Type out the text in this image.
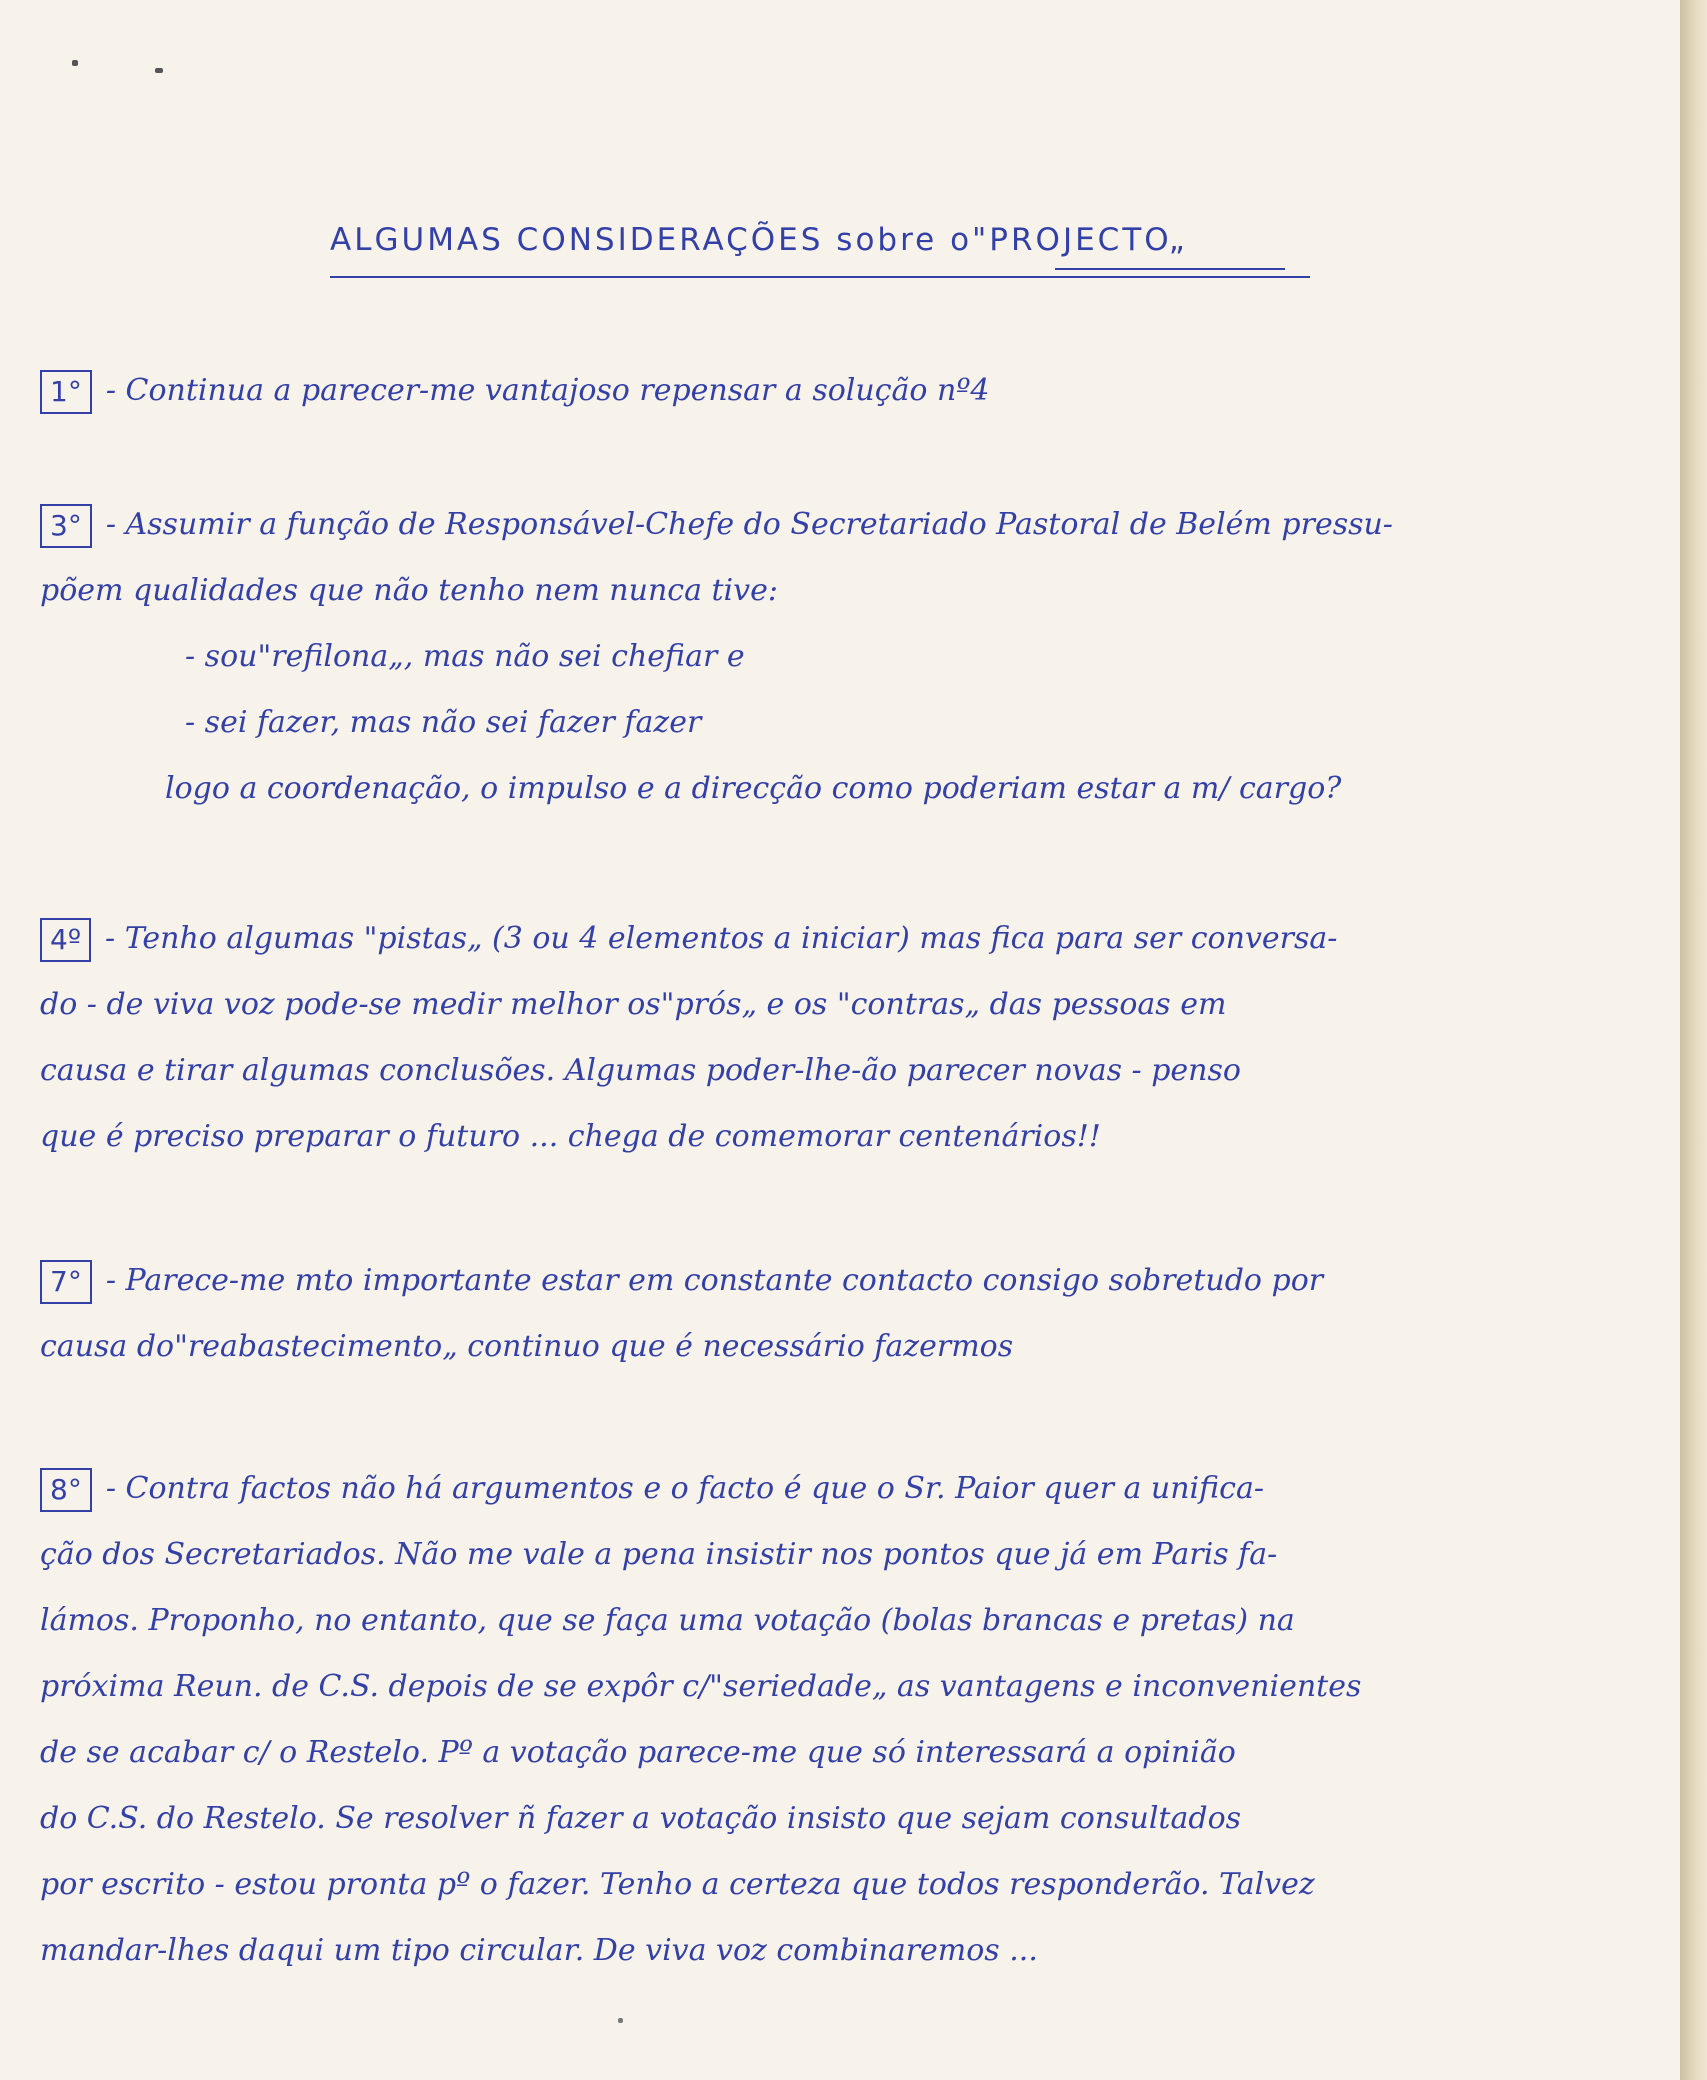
ALGUMAS CONSIDERAÇÕES sobre o"PROJECTO„
1° - Continua a parecer-me vantajoso repensar a solução nº4
3° - Assumir a função de Responsável-Chefe do Secretariado Pastoral de Belém pressu-
põem qualidades que não tenho nem nunca tive:
- sou"refilona„, mas não sei chefiar e
- sei fazer, mas não sei fazer fazer
logo a coordenação, o impulso e a direcção como poderiam estar a m/ cargo?
4º - Tenho algumas "pistas„ (3 ou 4 elementos a iniciar) mas fica para ser conversa-
do - de viva voz pode-se medir melhor os"prós„ e os "contras„ das pessoas em
causa e tirar algumas conclusões. Algumas poder-lhe-ão parecer novas - penso
que é preciso preparar o futuro ... chega de comemorar centenários!!
7° - Parece-me mto importante estar em constante contacto consigo sobretudo por
causa do"reabastecimento„ continuo que é necessário fazermos
8° - Contra factos não há argumentos e o facto é que o Sr. Paior quer a unifica-
ção dos Secretariados. Não me vale a pena insistir nos pontos que já em Paris fa-
lámos. Proponho, no entanto, que se faça uma votação (bolas brancas e pretas) na
próxima Reun. de C.S. depois de se expôr c/"seriedade„ as vantagens e inconvenientes
de se acabar c/ o Restelo. Pº a votação parece-me que só interessará a opinião
do C.S. do Restelo. Se resolver ñ fazer a votação insisto que sejam consultados
por escrito - estou pronta pº o fazer. Tenho a certeza que todos responderão. Talvez
mandar-lhes daqui um tipo circular. De viva voz combinaremos ...
